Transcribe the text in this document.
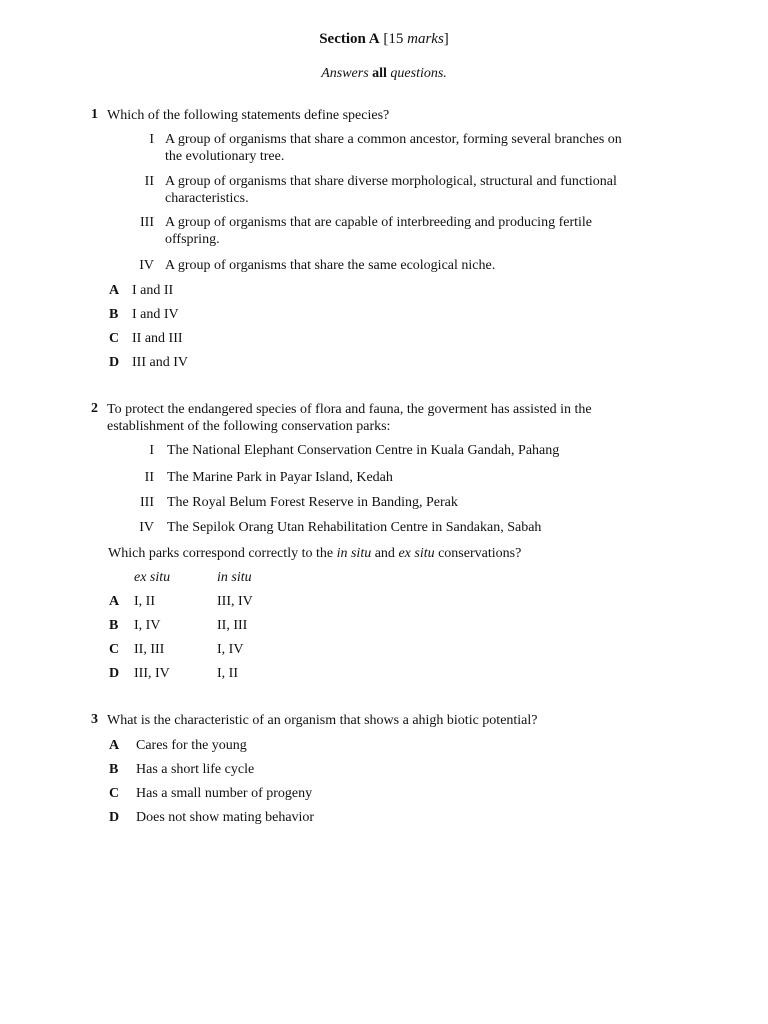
Section A [15 marks]
Answers all questions.
1 Which of the following statements define species?
I A group of organisms that share a common ancestor, forming several branches on
the evolutionary tree.
II A group of organisms that share diverse morphological, structural and functional
characteristics.
III A group of organisms that are capable of interbreeding and producing fertile
offspring.
IV A group of organisms that share the same ecological niche.
A I and II
B I and IV
C II and III
D III and IV
2 To protect the endangered species of flora and fauna, the goverment has assisted in the
establishment of the following conservation parks:
I The National Elephant Conservation Centre in Kuala Gandah, Pahang
II The Marine Park in Payar Island, Kedah
III The Royal Belum Forest Reserve in Banding, Perak
IV The Sepilok Orang Utan Rehabilitation Centre in Sandakan, Sabah
Which parks correspond correctly to the in situ and ex situ conservations?
ex situ	in situ
A I, II	III, IV
B I, IV	II, III
C II, III	I, IV
D III, IV	I, II
3 What is the characteristic of an organism that shows a ahigh biotic potential?
A Cares for the young
B Has a short life cycle
C Has a small number of progeny
D Does not show mating behavior
